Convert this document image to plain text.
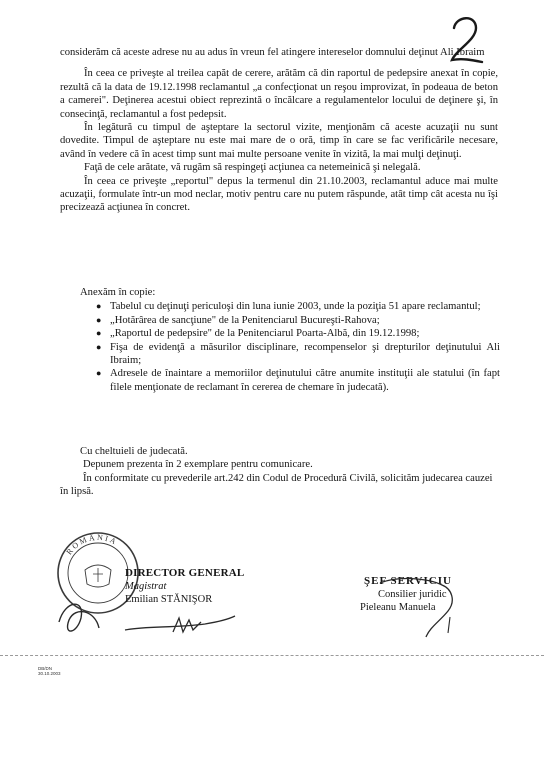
considerăm că aceste adrese nu au adus în vreun fel atingere intereselor domnului deţinut Ali Ibraim

În ceea ce priveşte al treilea capăt de cerere, arătăm că din raportul de pedepsire anexat în copie, rezultă că la data de 19.12.1998 reclamantul „a confecţionat un reşou improvizat, în podeaua de beton a camerei". Deţinerea acestui obiect reprezintă o încălcare a regulamentelor locului de deţinere şi, în consecinţă, reclamantul a fost pedepsit.

În legătură cu timpul de aşteptare la sectorul vizite, menţionăm că aceste acuzaţii nu sunt dovedite. Timpul de aşteptare nu este mai mare de o oră, timp în care se fac verificările necesare, având în vedere că în acest timp sunt mai multe persoane venite în vizită, la mai mulţi deţinuţi.

Faţă de cele arătate, vă rugăm să respingeţi acţiunea ca netemeinică şi nelegală.

În ceea ce priveşte „reportul" depus la termenul din 21.10.2003, reclamantul aduce mai multe acuzaţii, formulate într-un mod neclar, motiv pentru care nu putem răspunde, atât timp cât acesta nu îşi precizează acţiunea în concret.

Anexăm în copie:

● Tabelul cu deţinuţi periculoşi din luna iunie 2003, unde la poziţia 51 apare reclamantul;
● „Hotărârea de sancţiune" de la Penitenciarul Bucureşti-Rahova;
● „Raportul de pedepsire" de la Penitenciarul Poarta-Albă, din 19.12.1998;
● Fişa de evidenţă a măsurilor disciplinare, recompenselor şi drepturilor deţinutului Ali Ibraim;
● Adresele de înaintare a memoriilor deţinutului către anumite instituţii ale statului (în fapt filele menţionate de reclamant în cererea de chemare în judecată).

Cu cheltuieli de judecată.

Depunem prezenta în 2 exemplare pentru comunicare.

În conformitate cu prevederile art.242 din Codul de Procedură Civilă, solicităm judecarea cauzei în lipsă.

ROMÂNIA
DIRECTOR GENERAL
Magistrat
Emilian STĂNIŞOR
ŞEF SERVICIU
Consilier juridic
Pieleanu Manuela
DB/DN
30.10.2003
